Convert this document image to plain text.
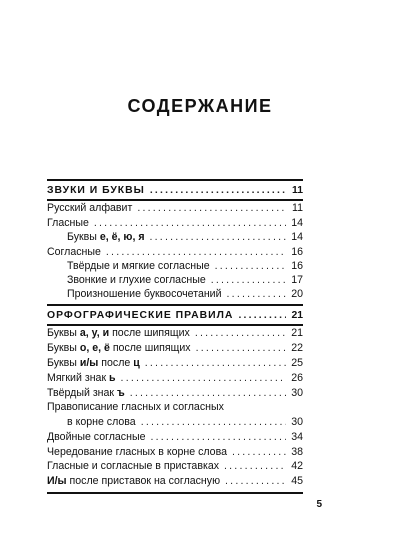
СОДЕРЖАНИЕ
ЗВУКИ И БУКВЫ .....	11
Русский алфавит .....	11
Гласные .....	14
Буквы е, ё, ю, я .....	14
Согласные .....	16
Твёрдые и мягкие согласные .....	16
Звонкие и глухие согласные .....	17
Произношение буквосочетаний .....	20
ОРФОГРАФИЧЕСКИЕ ПРАВИЛА .....	21
Буквы а, у, и после шипящих .....	21
Буквы о, е, ё после шипящих .....	22
Буквы и/ы после ц .....	25
Мягкий знак ь .....	26
Твёрдый знак ъ .....	30
Правописание гласных и согласных
в корне слова .....	30
Двойные согласные .....	34
Чередование гласных в корне слова .....	38
Гласные и согласные в приставках .....	42
И/ы после приставок на согласную .....	45
5
